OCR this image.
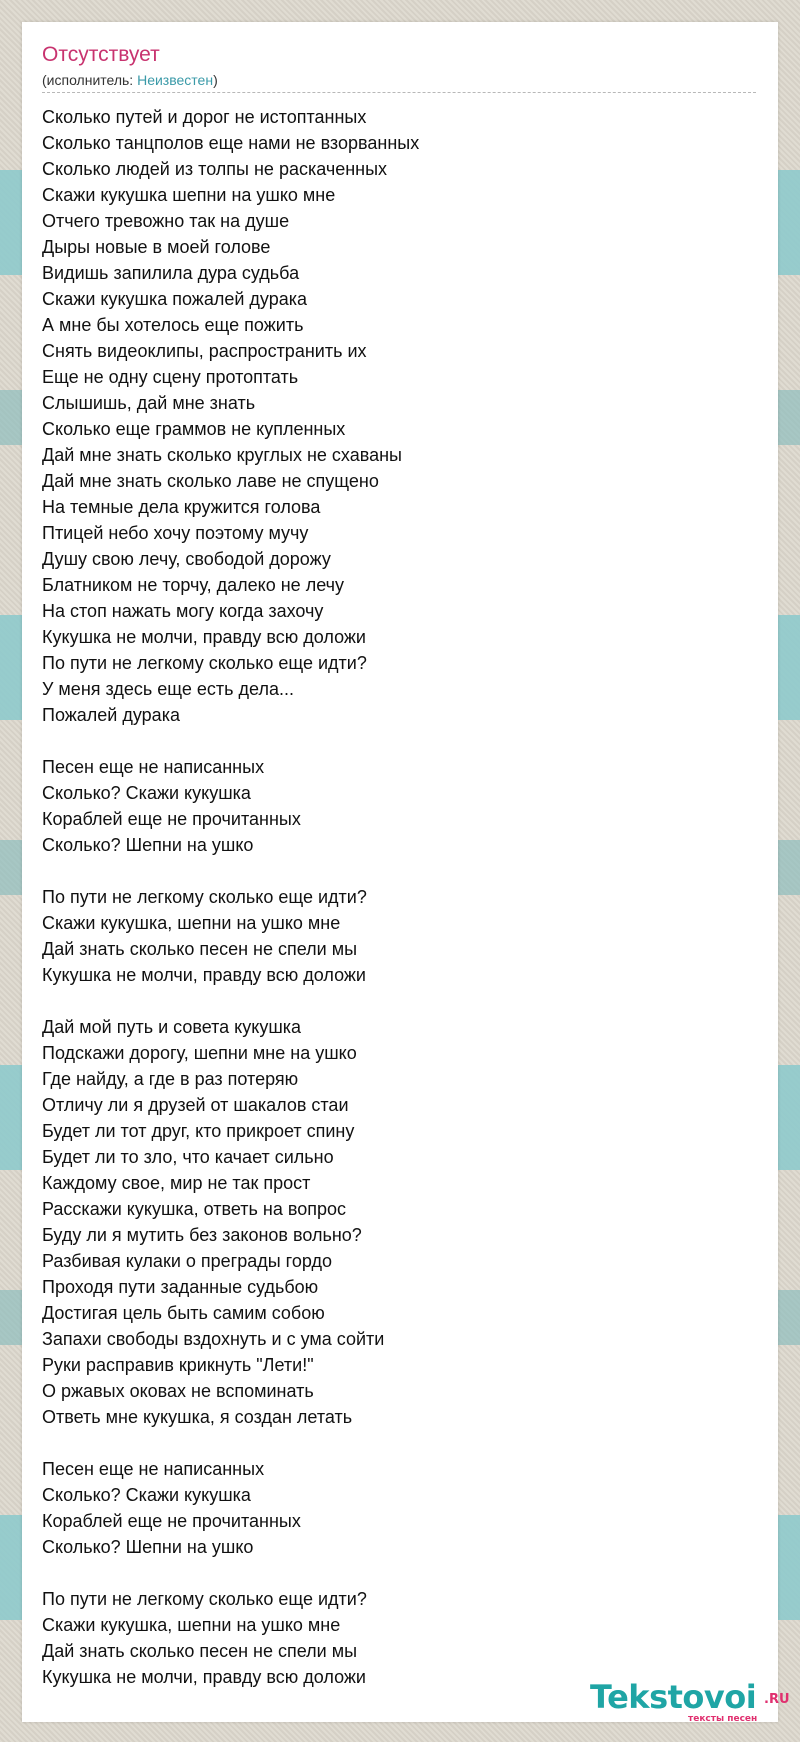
Отсутствует
(исполнитель: Неизвестен)
Сколько путей и дорог не истоптанных
Сколько танцполов еще нами не взорванных
Сколько людей из толпы не раскаченных
Скажи кукушка шепни на ушко мне
Отчего тревожно так на душе
Дыры новые в моей голове
Видишь запилила дура судьба
Скажи кукушка пожалей дурака
А мне бы хотелось еще пожить
Снять видеоклипы, распространить их
Еще не одну сцену протоптать
Слышишь, дай мне знать
Сколько еще граммов не купленных
Дай мне знать сколько круглых не схаваны
Дай мне знать сколько лаве не спущено
На темные дела кружится голова
Птицей небо хочу поэтому мучу
Душу свою лечу, свободой дорожу
Блатником не торчу, далеко не лечу
На стоп нажать могу когда захочу
Кукушка не молчи, правду всю доложи
По пути не легкому сколько еще идти?
У меня здесь еще есть дела...
Пожалей дурака

Песен еще не написанных
Сколько? Скажи кукушка
Кораблей еще не прочитанных
Сколько? Шепни на ушко

По пути не легкому сколько еще идти?
Скажи кукушка, шепни на ушко мне
Дай знать сколько песен не спели мы
Кукушка не молчи, правду всю доложи

Дай мой путь и совета кукушка
Подскажи дорогу, шепни мне на ушко
Где найду, а где в раз потеряю
Отличу ли я друзей от шакалов стаи
Будет ли тот друг, кто прикроет спину
Будет ли то зло, что качает сильно
Каждому свое, мир не так прост
Расскажи кукушка, ответь на вопрос
Буду ли я мутить без законов вольно?
Разбивая кулаки о преграды гордо
Проходя пути заданные судьбою
Достигая цель быть самим собою
Запахи свободы вздохнуть и с ума сойти
Руки расправив крикнуть "Лети!"
О ржавых оковах не вспоминать
Ответь мне кукушка, я создан летать

Песен еще не написанных
Сколько? Скажи кукушка
Кораблей еще не прочитанных
Сколько? Шепни на ушко

По пути не легкому сколько еще идти?
Скажи кукушка, шепни на ушко мне
Дай знать сколько песен не спели мы
Кукушка не молчи, правду всю доложи
Tekstovoi .RU
тексты песен
